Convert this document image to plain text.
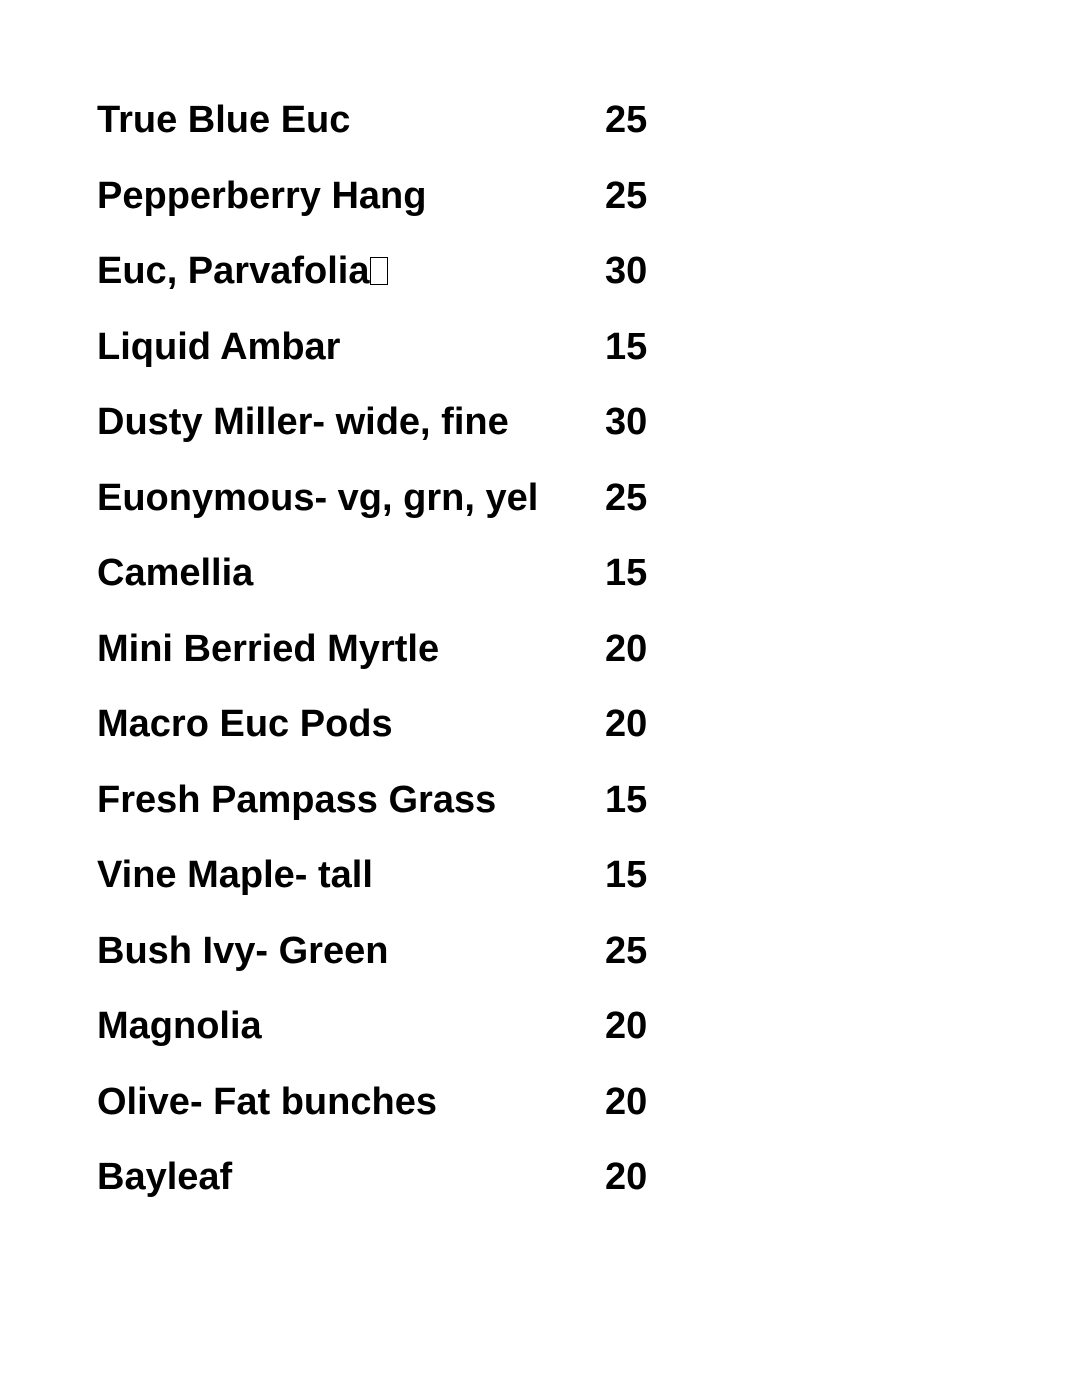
True Blue Euc	25
Pepperberry Hang	25
Euc, Parvafolia	30
Liquid Ambar	15
Dusty Miller- wide, fine	30
Euonymous- vg, grn, yel 25
Camellia	15
Mini Berried Myrtle	20
Macro Euc Pods	20
Fresh Pampass Grass	15
Vine Maple- tall	15
Bush Ivy- Green	25
Magnolia	20
Olive- Fat bunches	20
Bayleaf	20
